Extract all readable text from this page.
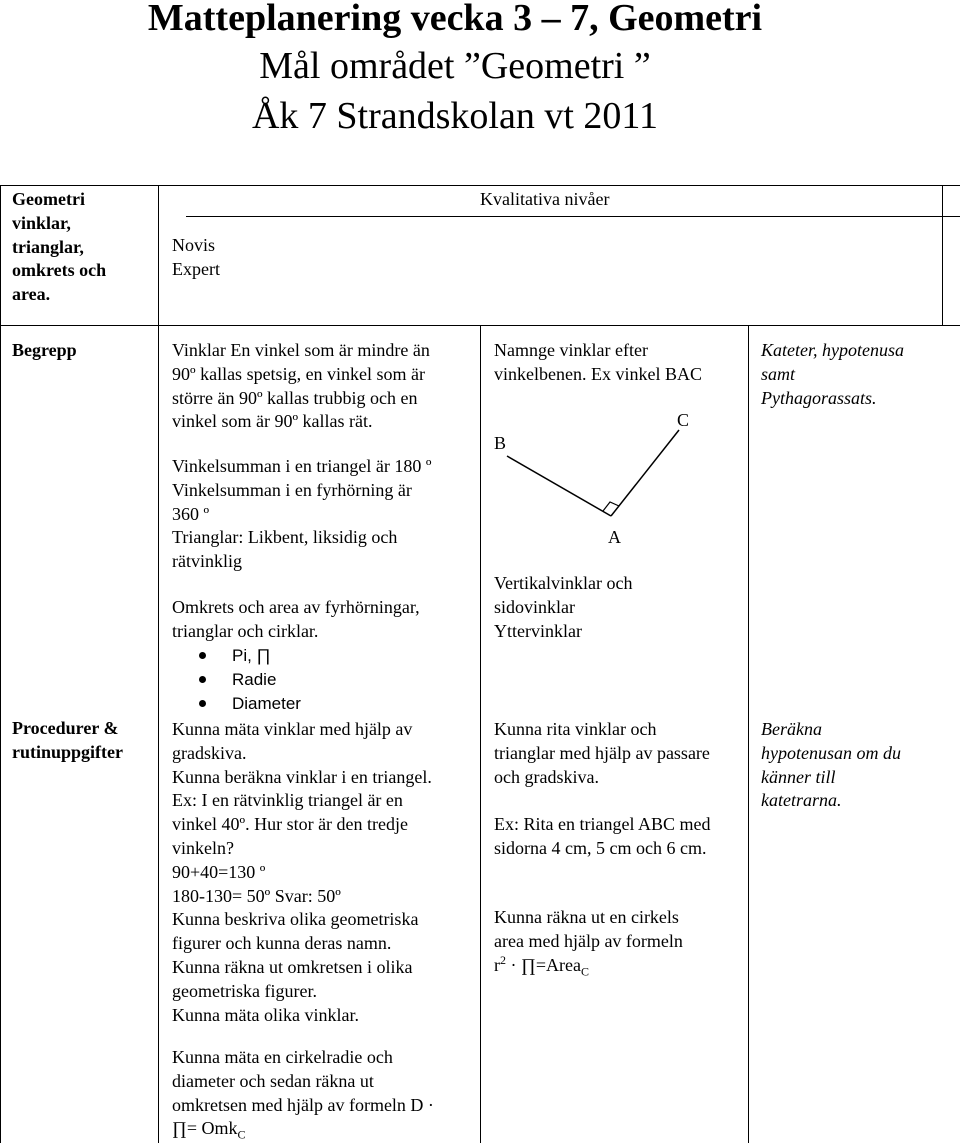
Matteplanering vecka 3 – 7, Geometri
Mål området ”Geometri ”
Åk 7 Strandskolan vt 2011
Geometri
vinklar,
trianglar,
omkrets och
area.
Kvalitativa nivåer
Novis
Expert
Begrepp
Procedurer &
rutinuppgifter
Vinklar En vinkel som är mindre än
90º kallas spetsig, en vinkel som är
större än 90º kallas trubbig och en
vinkel som är 90º kallas rät.
Vinkelsumman i en triangel är 180 º
Vinkelsumman i en fyrhörning är
360 º
Trianglar: Likbent, liksidig och
rätvinklig
Omkrets och area av fyrhörningar,
trianglar och cirklar.
Pi, ∏
Radie
Diameter
Kunna mäta vinklar med hjälp av
gradskiva.
Kunna beräkna vinklar i en triangel.
Ex: I en rätvinklig triangel är en
vinkel 40º. Hur stor är den tredje
vinkeln?
90+40=130 º
180-130= 50º Svar: 50º
Kunna beskriva olika geometriska
figurer och kunna deras namn.
Kunna räkna ut omkretsen i olika
geometriska figurer.
Kunna mäta olika vinklar.
Kunna mäta en cirkelradie och
diameter och sedan räkna ut
omkretsen med hjälp av formeln D ·
∏= Omk$_C$
Namnge vinklar efter
vinkelbenen. Ex vinkel BAC
B
C
A
Vertikalvinklar och
sidovinklar
Yttervinklar
Kunna rita vinklar och
trianglar med hjälp av passare
och gradskiva.
Ex: Rita en triangel ABC med
sidorna 4 cm, 5 cm och 6 cm.
Kunna räkna ut en cirkels
area med hjälp av formeln
$r^2$ · ∏=Area$_C$
Kateter, hypotenusa
samt
Pythagorassats.
Beräkna
hypotenusan om du
känner till
katetrarna.
